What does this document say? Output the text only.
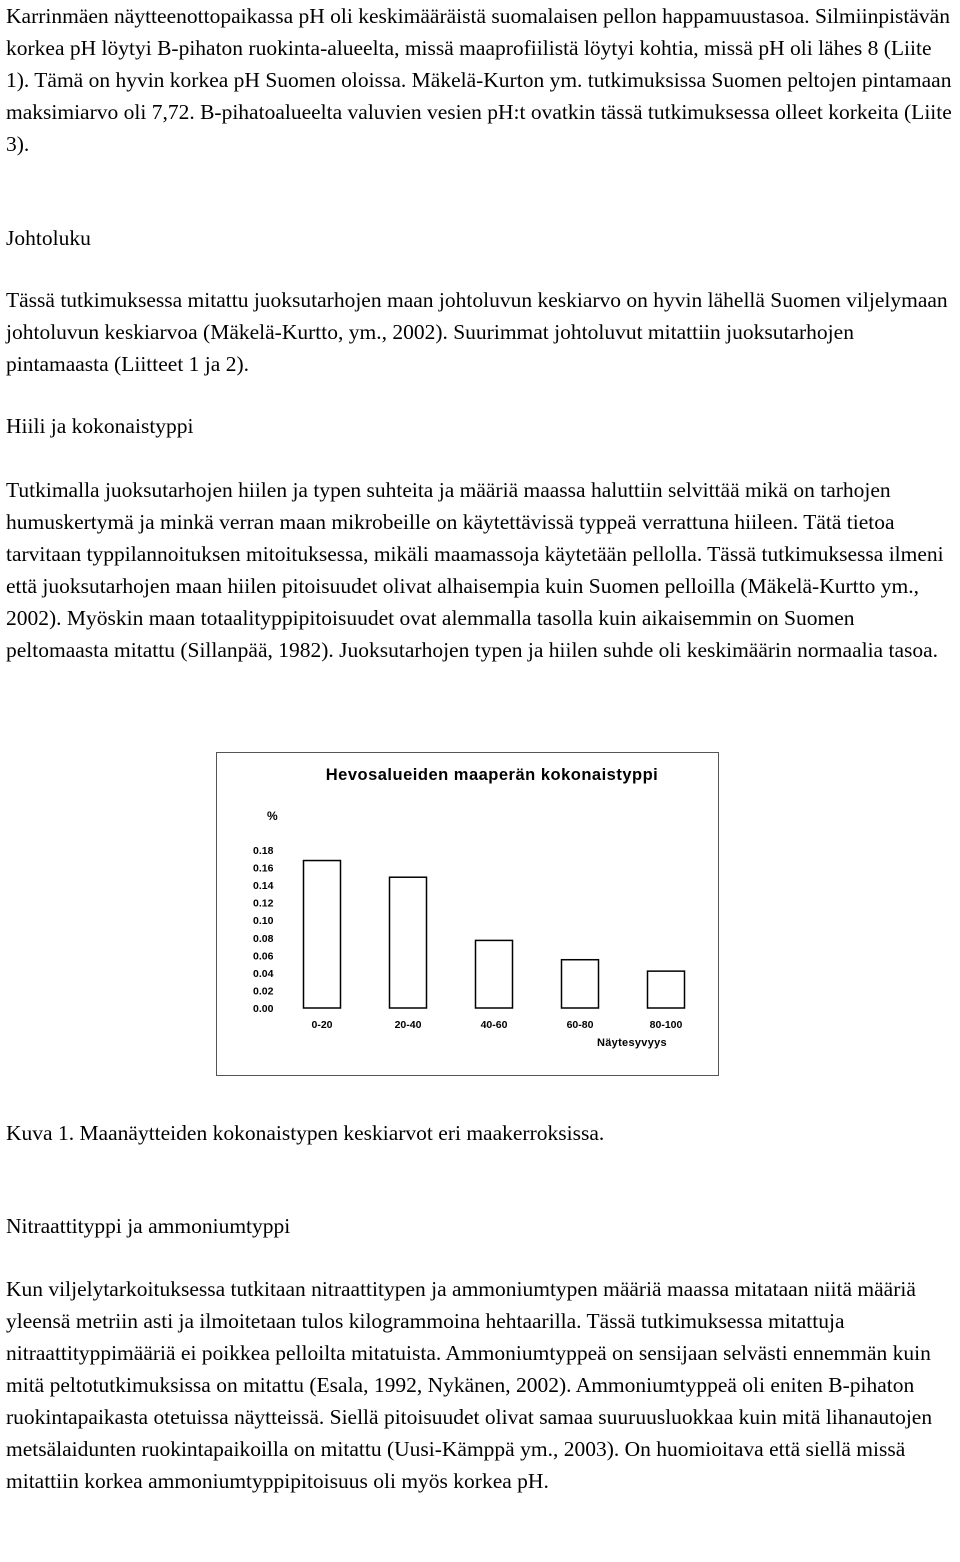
Karrinmäen näytteenottopaikassa pH oli keskimääräistä suomalaisen pellon happamuustasoa. Silmiinpistävän korkea pH löytyi B-pihaton ruokinta-alueelta, missä maaprofiilistä löytyi kohtia, missä pH oli lähes 8 (Liite 1). Tämä on hyvin korkea pH Suomen oloissa. Mäkelä-Kurton ym. tutkimuksissa Suomen peltojen pintamaan maksimiarvo oli 7,72. B-pihatoalueelta valuvien vesien pH:t ovatkin tässä tutkimuksessa olleet korkeita (Liite 3).

Johtoluku

Tässä tutkimuksessa mitattu juoksutarhojen maan johtoluvun keskiarvo on hyvin lähellä Suomen viljelymaan johtoluvun keskiarvoa (Mäkelä-Kurtto, ym., 2002). Suurimmat johtoluvut mitattiin juoksutarhojen pintamaasta (Liitteet 1 ja 2).

Hiili ja kokonaistyppi

Tutkimalla juoksutarhojen hiilen ja typen suhteita ja määriä maassa haluttiin selvittää mikä on tarhojen humuskertymä ja minkä verran maan mikrobeille on käytettävissä typpeä verrattuna hiileen. Tätä tietoa tarvitaan typpilannoituksen mitoituksessa, mikäli maamassoja käytetään pellolla. Tässä tutkimuksessa ilmeni että juoksutarhojen maan hiilen pitoisuudet olivat alhaisempia kuin Suomen pelloilla (Mäkelä-Kurtto ym., 2002). Myöskin maan totaalityppipitoisuudet ovat alemmalla tasolla kuin aikaisemmin on Suomen peltomaasta mitattu (Sillanpää, 1982). Juoksutarhojen typen ja hiilen suhde oli keskimäärin normaalia tasoa.

Hevosalueiden maaperän kokonaistyppi
%
0.00
0.02
0.04
0.06
0.08
0.10
0.12
0.14
0.16
0.18
0-20	20-40	40-60	60-80	80-100
Näytesyvyys

Kuva 1. Maanäytteiden kokonaistypen keskiarvot eri maakerroksissa.

Nitraattityppi ja ammoniumtyppi

Kun viljelytarkoituksessa tutkitaan nitraattitypen ja ammoniumtypen määriä maassa mitataan niitä määriä yleensä metriin asti ja ilmoitetaan tulos kilogrammoina hehtaarilla. Tässä tutkimuksessa mitattuja nitraattityppimääriä ei poikkea pelloilta mitatuista. Ammoniumtyppeä on sensijaan selvästi ennemmän kuin mitä peltotutkimuksissa on mitattu (Esala, 1992, Nykänen, 2002). Ammoniumtyppeä oli eniten B-pihaton ruokintapaikasta otetuissa näytteissä. Siellä pitoisuudet olivat samaa suuruusluokkaa kuin mitä lihanautojen metsälaidunten ruokintapaikoilla on mitattu (Uusi-Kämppä ym., 2003). On huomioitava että siellä missä mitattiin korkea ammoniumtyppipitoisuus oli myös korkea pH.
